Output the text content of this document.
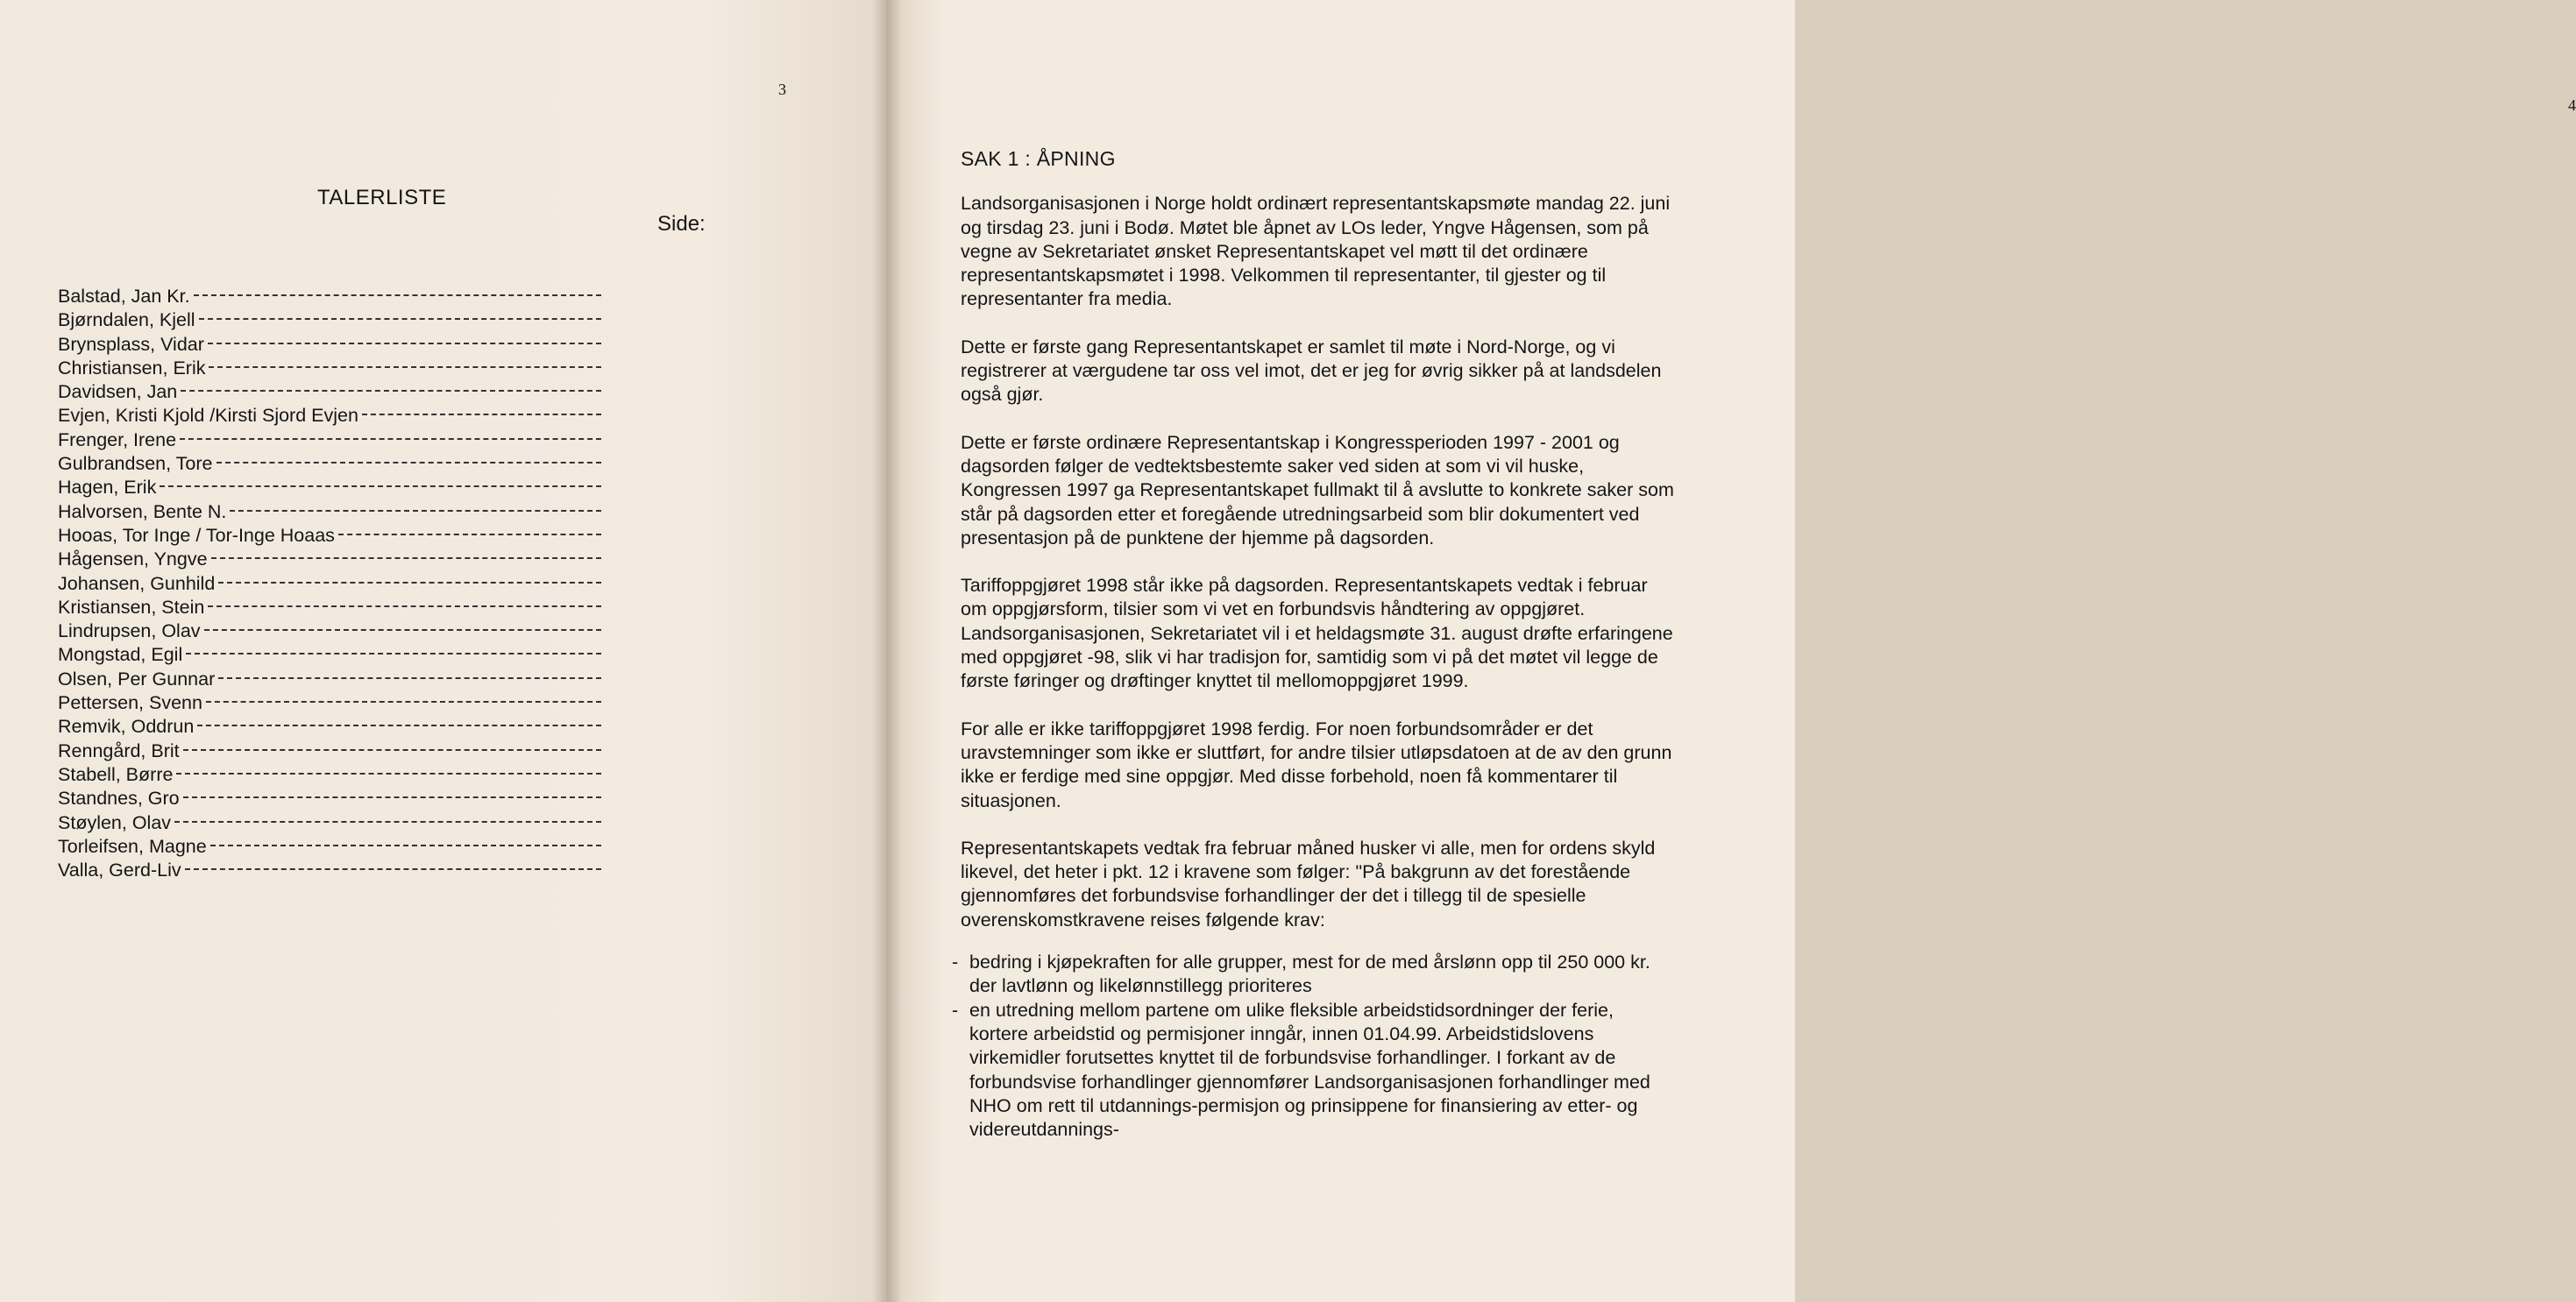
3
TALERLISTE
Side:
Balstad, Jan Kr.
Bjørndalen, Kjell
Brynsplass, Vidar
Christiansen, Erik
Davidsen, Jan
Evjen, Kristi Kjold /Kirsti Sjord Evjen
Frenger, Irene
Gulbrandsen, Tore
Hagen, Erik
Halvorsen, Bente N.
Hooas, Tor Inge / Tor-Inge Hoaas
Hågensen, Yngve
Johansen, Gunhild
Kristiansen, Stein
Lindrupsen, Olav
Mongstad, Egil
Olsen, Per Gunnar
Pettersen, Svenn
Remvik, Oddrun
Renngård, Brit
Stabell, Børre
Standnes, Gro
Støylen, Olav
Torleifsen, Magne
Valla, Gerd-Liv
4
SAK 1 : ÅPNING

Landsorganisasjonen i Norge holdt ordinært representantskapsmøte mandag 22. juni og tirsdag 23. juni i Bodø. Møtet ble åpnet av LOs leder, Yngve Hågensen, som på vegne av Sekretariatet ønsket Representantskapet vel møtt til det ordinære representantskapsmøtet i 1998. Velkommen til representanter, til gjester og til representanter fra media.

Dette er første gang Representantskapet er samlet til møte i Nord-Norge, og vi registrerer at værgudene tar oss vel imot, det er jeg for øvrig sikker på at landsdelen også gjør.

Dette er første ordinære Representantskap i Kongressperioden 1997 - 2001 og dagsorden følger de vedtektsbestemte saker ved siden at som vi vil huske, Kongressen 1997 ga Representantskapet fullmakt til å avslutte to konkrete saker som står på dagsorden etter et foregående utredningsarbeid som blir dokumentert ved presentasjon på de punktene der hjemme på dagsorden.

Tariffoppgjøret 1998 står ikke på dagsorden. Representantskapets vedtak i februar om oppgjørsform, tilsier som vi vet en forbundsvis håndtering av oppgjøret. Landsorganisasjonen, Sekretariatet vil i et heldagsmøte 31. august drøfte erfaringene med oppgjøret -98, slik vi har tradisjon for, samtidig som vi på det møtet vil legge de første føringer og drøftinger knyttet til mellomoppgjøret 1999.

For alle er ikke tariffoppgjøret 1998 ferdig. For noen forbundsområder er det uravstemninger som ikke er sluttført, for andre tilsier utløpsdatoen at de av den grunn ikke er ferdige med sine oppgjør. Med disse forbehold, noen få kommentarer til situasjonen.

Representantskapets vedtak fra februar måned husker vi alle, men for ordens skyld likevel, det heter i pkt. 12 i kravene som følger: "På bakgrunn av det forestående gjennomføres det forbundsvise forhandlinger der det i tillegg til de spesielle overenskomstkravene reises følgende krav:

- bedring i kjøpekraften for alle grupper, mest for de med årslønn opp til 250 000 kr. der lavtlønn og likelønnstillegg prioriteres
- en utredning mellom partene om ulike fleksible arbeidstidsordninger der ferie, kortere arbeidstid og permisjoner inngår, innen 01.04.99. Arbeidstidslovens virkemidler forutsettes knyttet til de forbundsvise forhandlinger. I forkant av de forbundsvise forhandlinger gjennomfører Landsorganisasjonen forhandlinger med NHO om rett til utdannings-permisjon og prinsippene for finansiering av etter- og videreutdannings-
